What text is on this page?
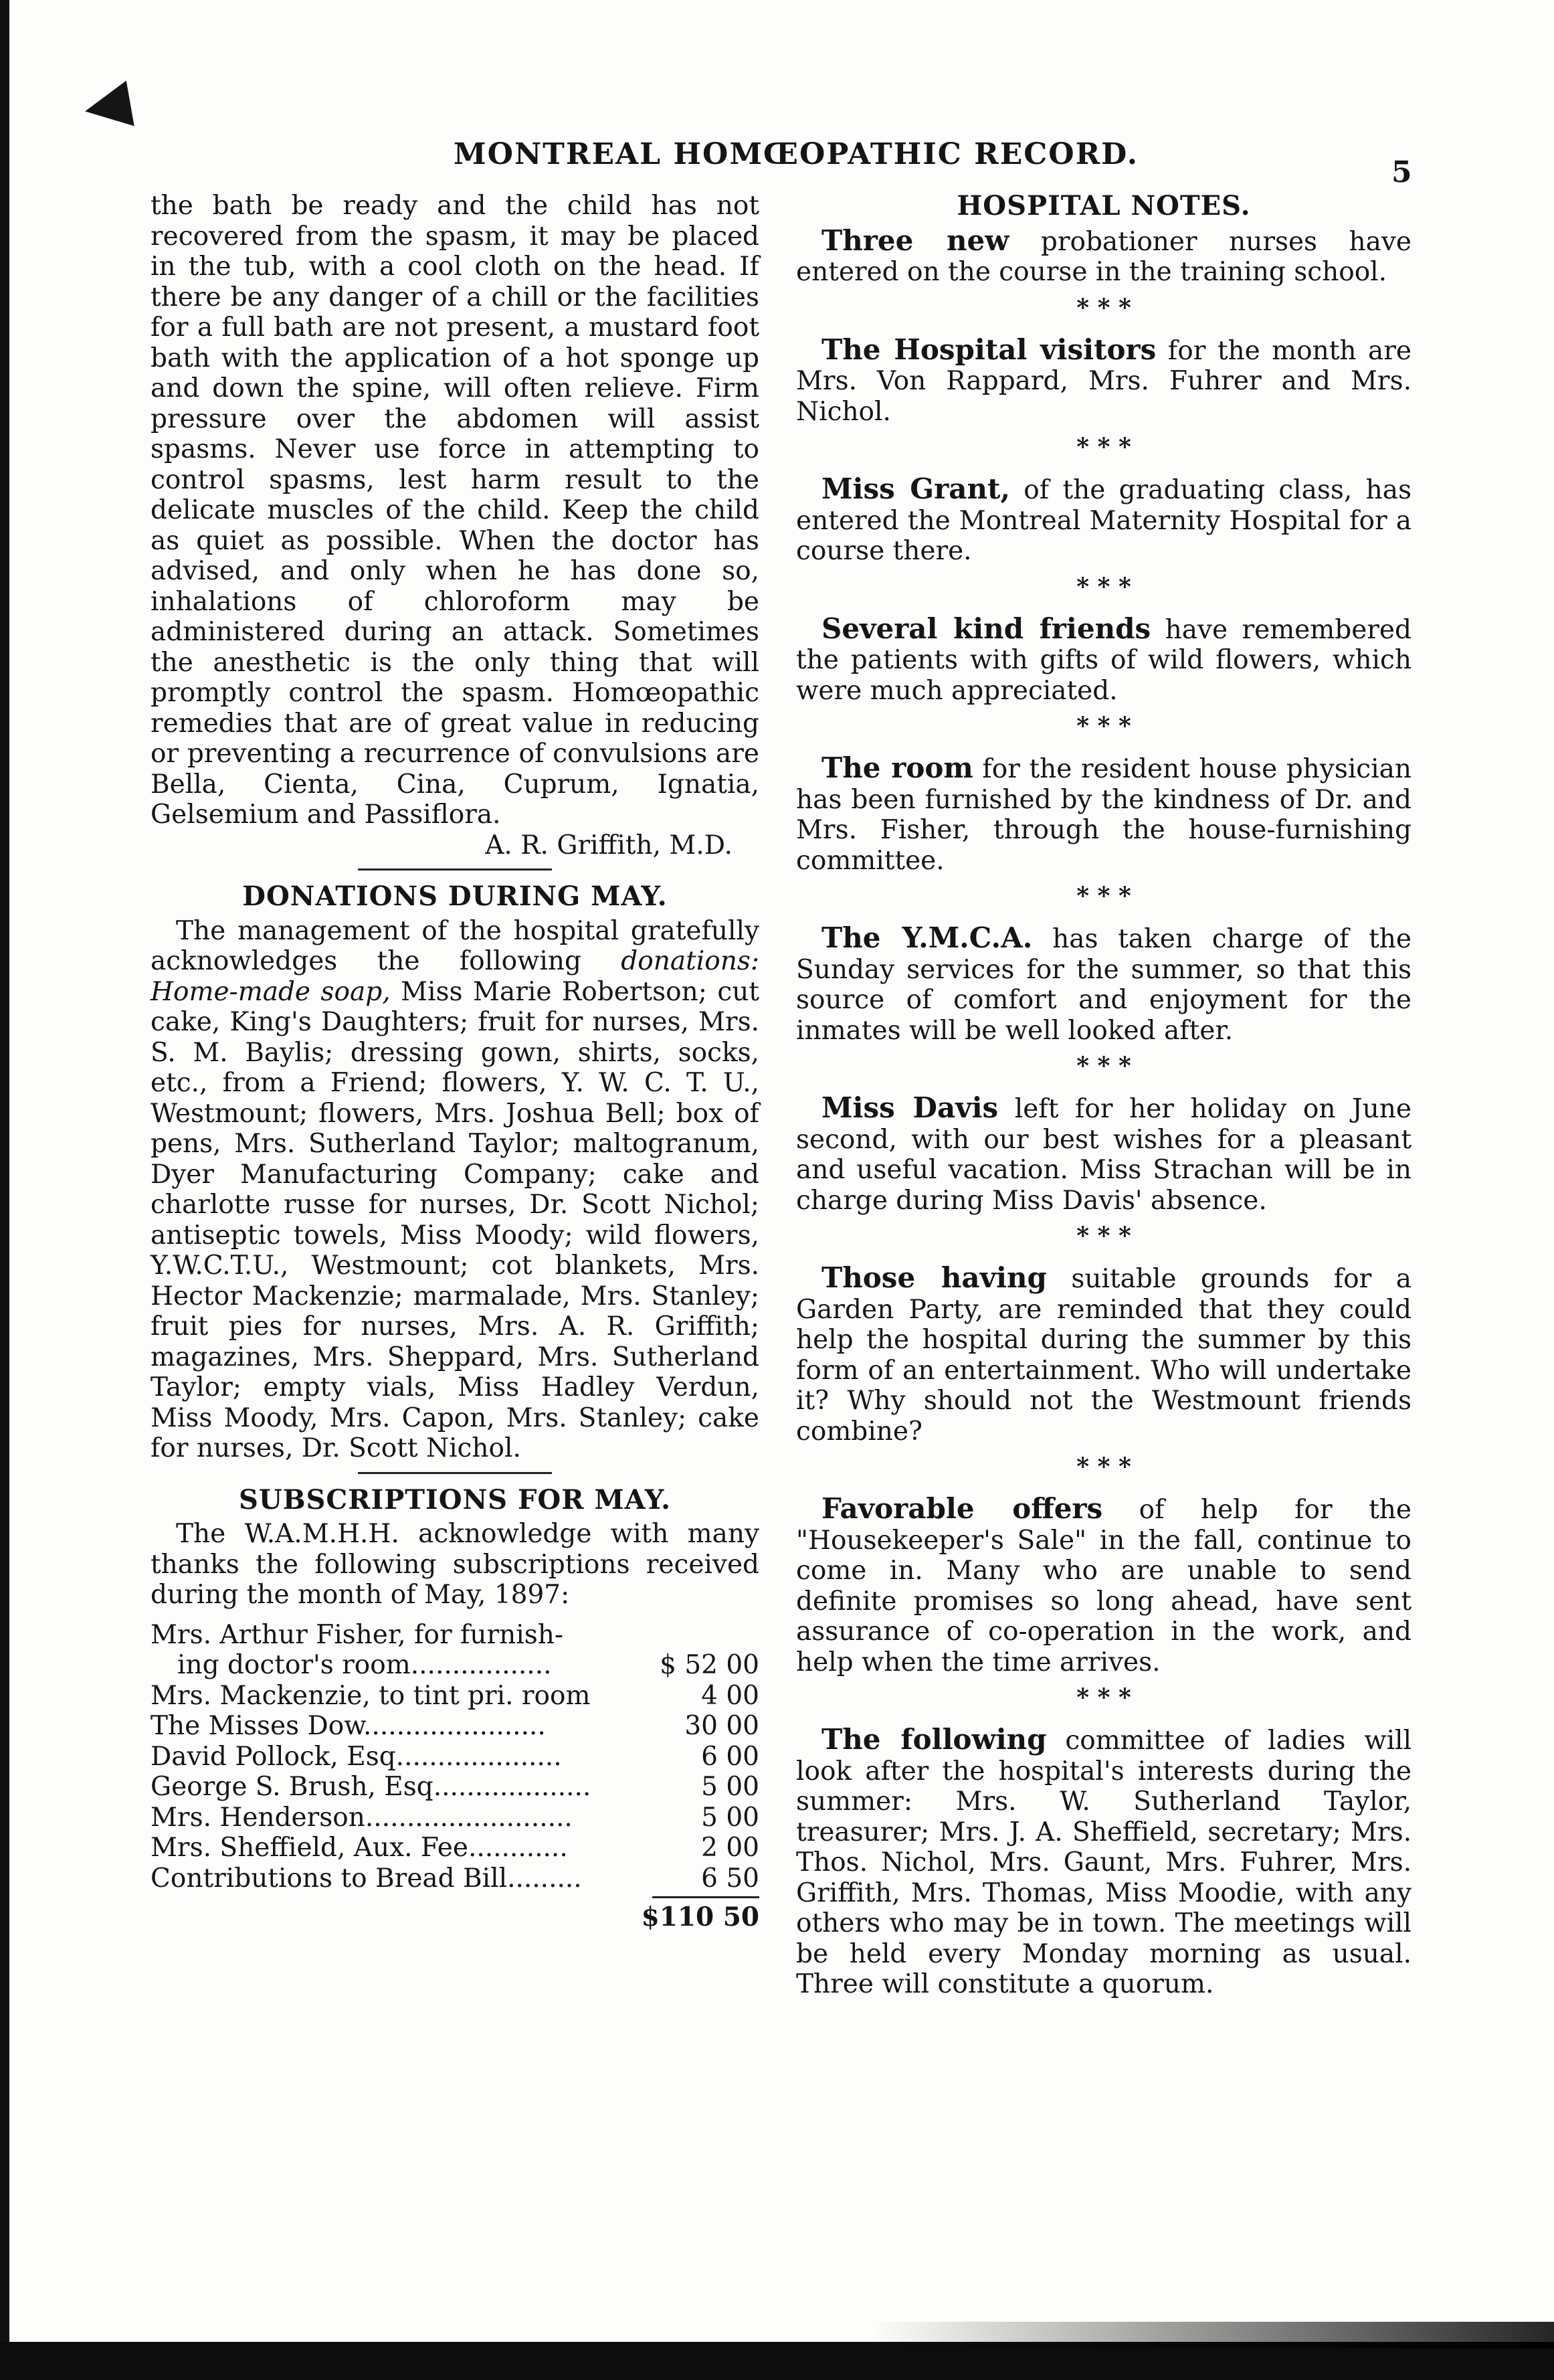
◀
MONTREAL HOMŒOPATHIC RECORD.
5

the bath be ready and the child has not recovered from the spasm, it may be placed in the tub, with a cool cloth on the head. If there be any danger of a chill or the facilities for a full bath are not present, a mustard foot bath with the application of a hot sponge up and down the spine, will often relieve. Firm pressure over the abdomen will assist spasms. Never use force in attempting to control spasms, lest harm result to the delicate muscles of the child. Keep the child as quiet as possible. When the doctor has advised, and only when he has done so, inhalations of chloroform may be administered during an attack. Sometimes the anesthetic is the only thing that will promptly control the spasm. Homœopathic remedies that are of great value in reducing or preventing a recurrence of convulsions are Bella, Cienta, Cina, Cuprum, Ignatia, Gelsemium and Passiflora.

A. R. Griffith, M.D.

DONATIONS DURING MAY.

The management of the hospital gratefully acknowledges the following donations: Home-made soap, Miss Marie Robertson; cut cake, King's Daughters; fruit for nurses, Mrs. S. M. Baylis; dressing gown, shirts, socks, etc., from a Friend; flowers, Y. W. C. T. U., Westmount; flowers, Mrs. Joshua Bell; box of pens, Mrs. Sutherland Taylor; maltogranum, Dyer Manufacturing Company; cake and charlotte russe for nurses, Dr. Scott Nichol; antiseptic towels, Miss Moody; wild flowers, Y.W.C.T.U., Westmount; cot blankets, Mrs. Hector Mackenzie; marmalade, Mrs. Stanley; fruit pies for nurses, Mrs. A. R. Griffith; magazines, Mrs. Sheppard, Mrs. Sutherland Taylor; empty vials, Miss Hadley Verdun, Miss Moody, Mrs. Capon, Mrs. Stanley; cake for nurses, Dr. Scott Nichol.

SUBSCRIPTIONS FOR MAY.

The W.A.M.H.H. acknowledge with many thanks the following subscriptions received during the month of May, 1897:

Mrs. Arthur Fisher, for furnish-
ing doctor's room.................	$ 52 00
Mrs. Mackenzie, to tint pri. room	4 00
The Misses Dow......................	30 00
David Pollock, Esq....................	6 00
George S. Brush, Esq...................	5 00
Mrs. Henderson.........................	5 00
Mrs. Sheffield, Aux. Fee............	2 00
Contributions to Bread Bill.........	6 50

$110 50

HOSPITAL NOTES.

Three new probationer nurses have entered on the course in the training school.

* * *

The Hospital visitors for the month are Mrs. Von Rappard, Mrs. Fuhrer and Mrs. Nichol.

* * *

Miss Grant, of the graduating class, has entered the Montreal Maternity Hospital for a course there.

* * *

Several kind friends have remembered the patients with gifts of wild flowers, which were much appreciated.

* * *

The room for the resident house physician has been furnished by the kindness of Dr. and Mrs. Fisher, through the house-furnishing committee.

* * *

The Y.M.C.A. has taken charge of the Sunday services for the summer, so that this source of comfort and enjoyment for the inmates will be well looked after.

* * *

Miss Davis left for her holiday on June second, with our best wishes for a pleasant and useful vacation. Miss Strachan will be in charge during Miss Davis' absence.

* * *

Those having suitable grounds for a Garden Party, are reminded that they could help the hospital during the summer by this form of an entertainment. Who will undertake it? Why should not the Westmount friends combine?

* * *

Favorable offers of help for the "Housekeeper's Sale" in the fall, continue to come in. Many who are unable to send definite promises so long ahead, have sent assurance of co-operation in the work, and help when the time arrives.

* * *

The following committee of ladies will look after the hospital's interests during the summer: Mrs. W. Sutherland Taylor, treasurer; Mrs. J. A. Sheffield, secretary; Mrs. Thos. Nichol, Mrs. Gaunt, Mrs. Fuhrer, Mrs. Griffith, Mrs. Thomas, Miss Moodie, with any others who may be in town. The meetings will be held every Monday morning as usual. Three will constitute a quorum.
